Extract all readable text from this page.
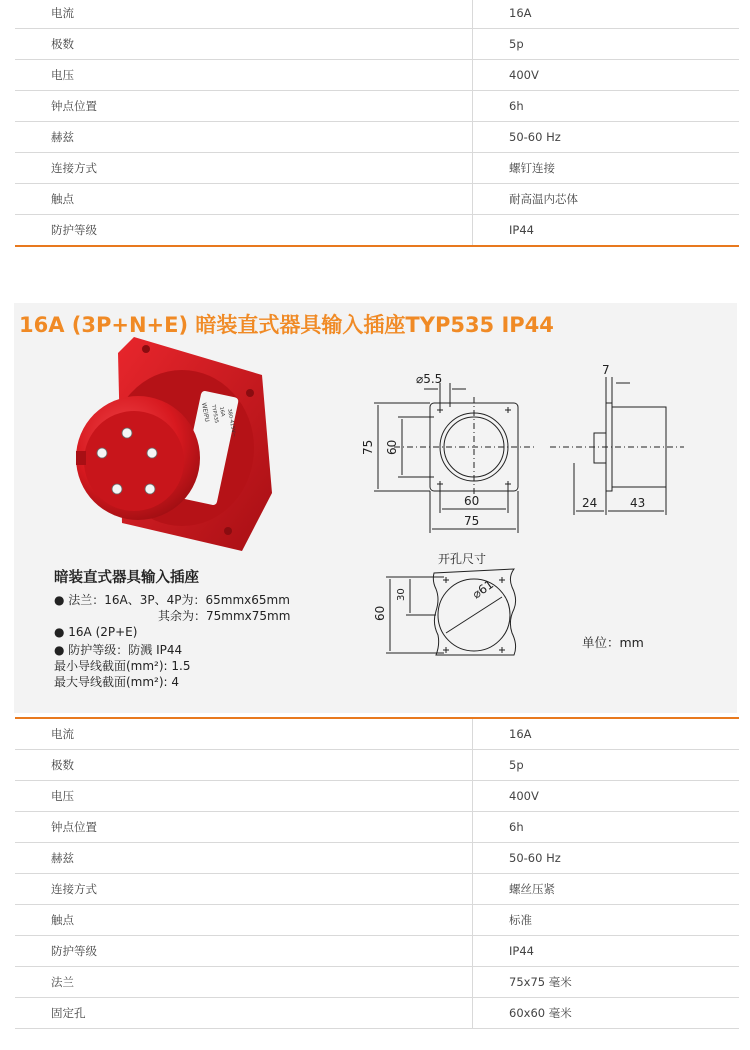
电流	16A
极数	5p
电压	400V
钟点位置	6h
赫兹	50-60 Hz
连接方式	螺钉连接
触点	耐高温内芯体
防护等级	IP44
16A (3P+N+E) 暗装直式器具输入插座TYP535 IP44
WEIPU TYP535
16A 380-415V~
暗装直式器具输入插座
● 法兰：16A、3P、4P为：65mmx65mm
其余为：75mmx75mm
● 16A (2P+E)
● 防护等级：防溅 IP44
最小导线截面(mm²): 1.5
最大导线截面(mm²): 4
⌀5.5
75 60
60
75
7
24	43
开孔尺寸
60
30	⌀61
单位：mm
电流	16A
极数	5p
电压	400V
钟点位置	6h
赫兹	50-60 Hz
连接方式	螺丝压紧
触点	标准
防护等级	IP44
法兰	75x75 毫米
固定孔	60x60 毫米
